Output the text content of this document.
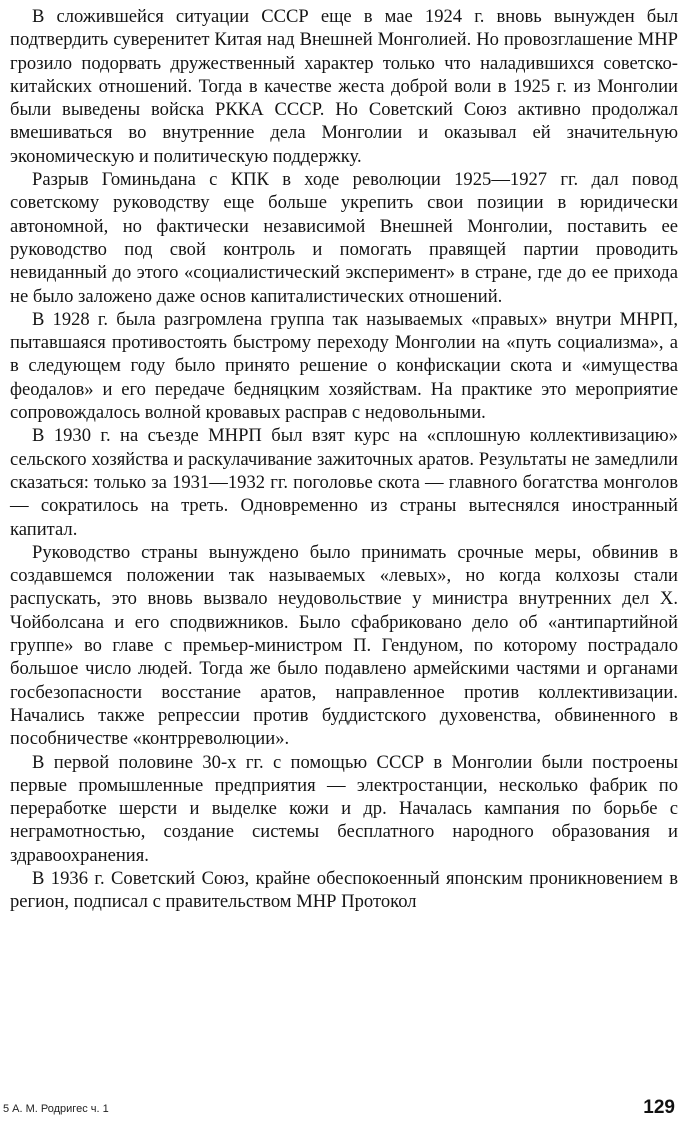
В сложившейся ситуации СССР еще в мае 1924 г. вновь вынужден был подтвердить суверенитет Китая над Внешней Монголией. Но провозглашение МНР грозило подорвать дружественный характер только что наладившихся советско-китайских отношений. Тогда в качестве жеста доброй воли в 1925 г. из Монголии были выведены войска РККА СССР. Но Советский Союз активно продолжал вмешиваться во внутренние дела Монголии и оказывал ей значительную экономическую и политическую поддержку.

Разрыв Гоминьдана с КПК в ходе революции 1925—1927 гг. дал повод советскому руководству еще больше укрепить свои позиции в юридически автономной, но фактически независимой Внешней Монголии, поставить ее руководство под свой контроль и помогать правящей партии проводить невиданный до этого «социалистический эксперимент» в стране, где до ее прихода не было заложено даже основ капиталистических отношений.

В 1928 г. была разгромлена группа так называемых «правых» внутри МНРП, пытавшаяся противостоять быстрому переходу Монголии на «путь социализма», а в следующем году было принято решение о конфискации скота и «имущества феодалов» и его передаче бедняцким хозяйствам. На практике это мероприятие сопровождалось волной кровавых расправ с недовольными.

В 1930 г. на съезде МНРП был взят курс на «сплошную коллективизацию» сельского хозяйства и раскулачивание зажиточных аратов. Результаты не замедлили сказаться: только за 1931—1932 гг. поголовье скота — главного богатства монголов — сократилось на треть. Одновременно из страны вытеснялся иностранный капитал.

Руководство страны вынуждено было принимать срочные меры, обвинив в создавшемся положении так называемых «левых», но когда колхозы стали распускать, это вновь вызвало неудовольствие у министра внутренних дел Х. Чойболсана и его сподвижников. Было сфабриковано дело об «антипартийной группе» во главе с премьер-министром П. Гендуном, по которому пострадало большое число людей. Тогда же было подавлено армейскими частями и органами госбезопасности восстание аратов, направленное против коллективизации. Начались также репрессии против буддистского духовенства, обвиненного в пособничестве «контрреволюции».

В первой половине 30-х гг. с помощью СССР в Монголии были построены первые промышленные предприятия — электростанции, несколько фабрик по переработке шерсти и выделке кожи и др. Началась кампания по борьбе с неграмотностью, создание системы бесплатного народного образования и здравоохранения.

В 1936 г. Советский Союз, крайне обеспокоенный японским проникновением в регион, подписал с правительством МНР Протокол

5 А. М. Родригес ч. 1	129
